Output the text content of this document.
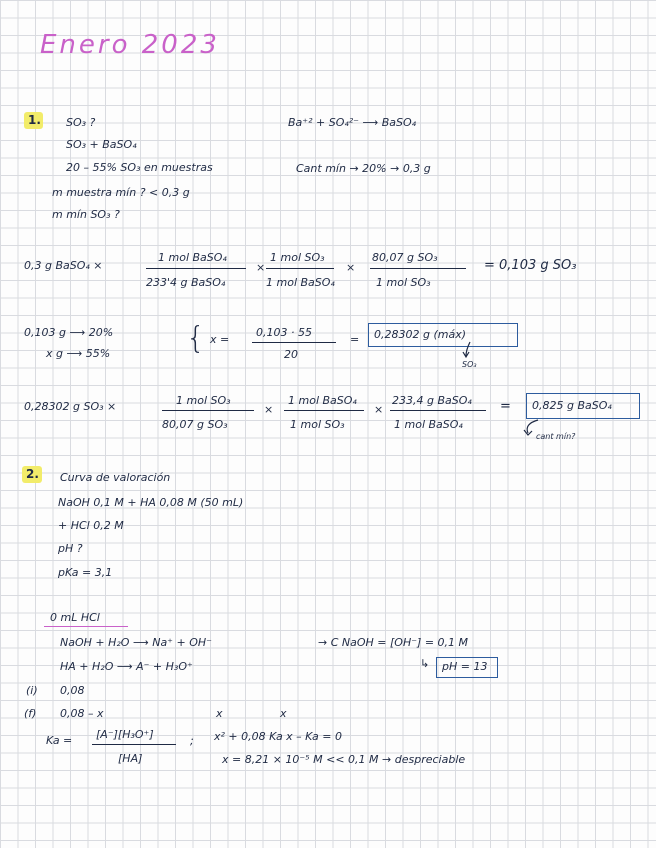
Enero 2023
1. SO₃ ?
SO₃ + BaSO₄
20 – 55% SO₃ en muestras
m muestra mín ? < 0,3 g
m mín SO₃ ?
Ba⁺² + SO₄²⁻ ⟶ BaSO₄
Cant mín → 20% → 0,3 g
0,3 g BaSO₄ ×
1 mol BaSO₄
233'4 g BaSO₄
×
1 mol SO₃
1 mol BaSO₄
×
80,07 g SO₃
1 mol SO₃
= 0,103 g SO₃
0,103 g ⟶ 20%
x g ⟶ 55%	{ x =
0,103 · 55
20
= 0,28302 g (máx)
SO₃
0,28302 g SO₃ ×	1 mol SO₃
80,07 g SO₃
×
1 mol BaSO₄
1 mol SO₃
×
233,4 g BaSO₄
1 mol BaSO₄
= 0,825 g BaSO₄
cant mín?
2. Curva de valoración
NaOH 0,1 M + HA 0,08 M (50 mL)
+ HCl 0,2 M
pH ?
pKa = 3,1
0 mL HCl
NaOH + H₂O ⟶ Na⁺ + OH⁻	→ C NaOH = [OH⁻] = 0,1 M
HA + H₂O ⟶ A⁻ + H₃O⁺	↳ pH = 13
(i) 0,08
(f) 0,08 – x	x	x
Ka = [A⁻][H₃O⁺]
[HA]
; x² + 0,08 Ka x – Ka = 0
x = 8,21 × 10⁻⁵ M << 0,1 M → despreciable
